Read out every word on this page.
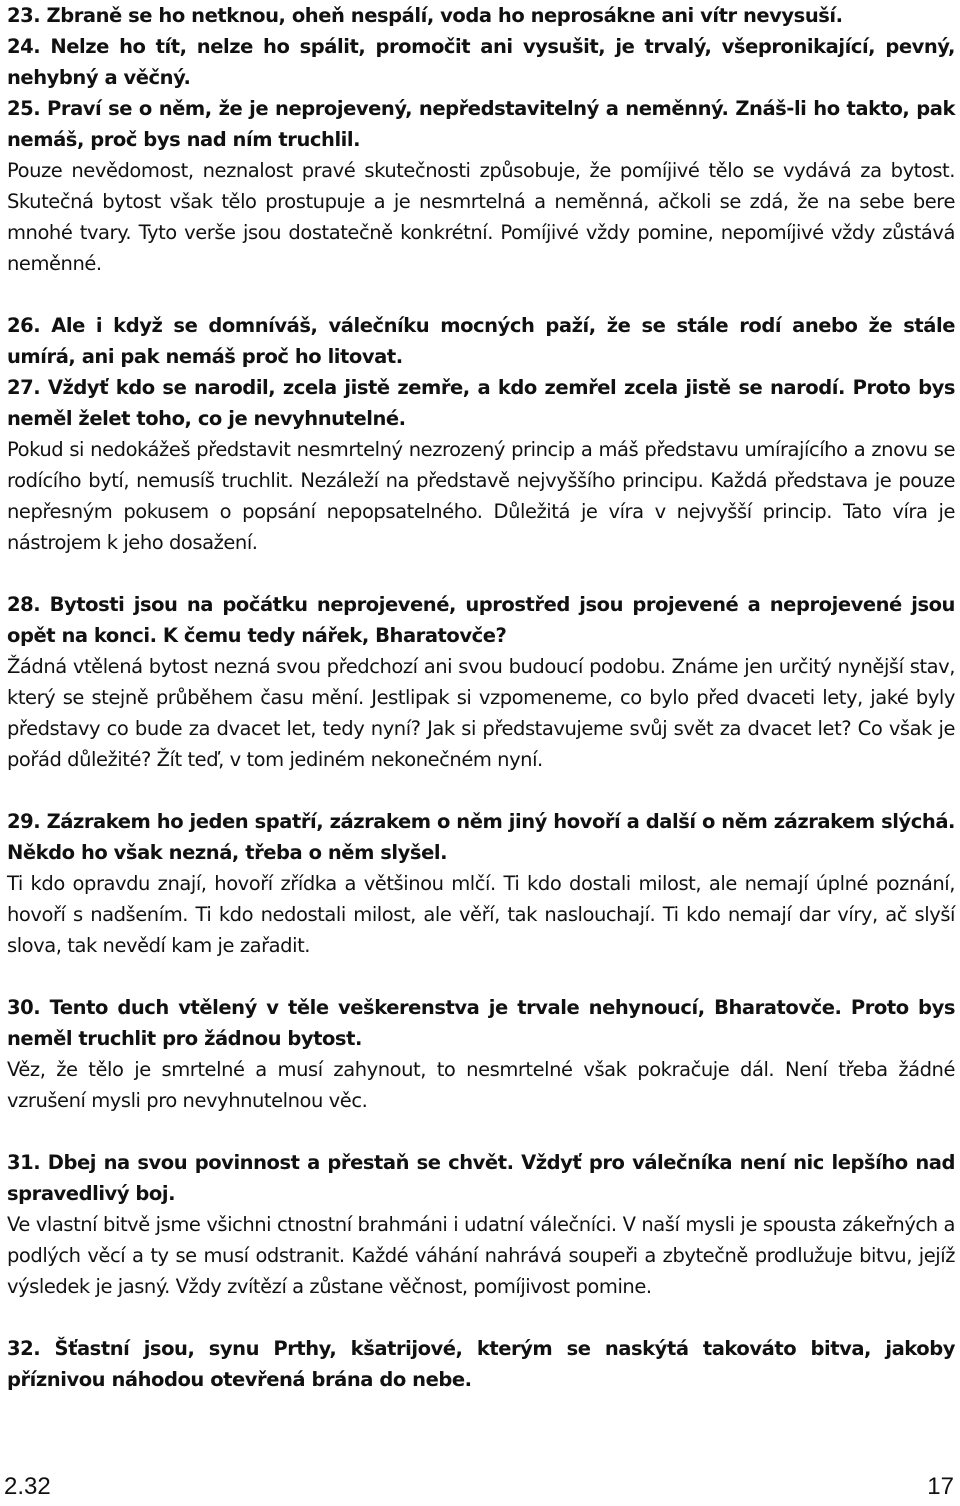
23. Zbraně se ho netknou, oheň nespálí, voda ho neprosákne ani vítr nevysuší.

24. Nelze ho tít, nelze ho spálit, promočit ani vysušit, je trvalý, všepronikající, pevný, nehybný a věčný.

25. Praví se o něm, že je neprojevený, nepředstavitelný a neměnný. Znáš-li ho takto, pak nemáš, proč bys nad ním truchlil.

Pouze nevědomost, neznalost pravé skutečnosti způsobuje, že pomíjivé tělo se vydává za bytost. Skutečná bytost však tělo prostupuje a je nesmrtelná a neměnná, ačkoli se zdá, že na sebe bere mnohé tvary. Tyto verše jsou dostatečně konkrétní. Pomíjivé vždy pomine, nepomíjivé vždy zůstává neměnné.

26. Ale i když se domníváš, válečníku mocných paží, že se stále rodí anebo že stále umírá, ani pak nemáš proč ho litovat.

27. Vždyť kdo se narodil, zcela jistě zemře, a kdo zemřel zcela jistě se narodí. Proto bys neměl želet toho, co je nevyhnutelné.

Pokud si nedokážeš představit nesmrtelný nezrozený princip a máš představu umírajícího a znovu se rodícího bytí, nemusíš truchlit. Nezáleží na představě nejvyššího principu. Každá představa je pouze nepřesným pokusem o popsání nepopsatelného. Důležitá je víra v nejvyšší princip. Tato víra je nástrojem k jeho dosažení.

28. Bytosti jsou na počátku neprojevené, uprostřed jsou projevené a neprojevené jsou opět na konci. K čemu tedy nářek, Bharatovče?

Žádná vtělená bytost nezná svou předchozí ani svou budoucí podobu. Známe jen určitý nynější stav, který se stejně průběhem času mění. Jestlipak si vzpomeneme, co bylo před dvaceti lety, jaké byly představy co bude za dvacet let, tedy nyní? Jak si představujeme svůj svět za dvacet let? Co však je pořád důležité? Žít teď, v tom jediném nekonečném nyní.

29. Zázrakem ho jeden spatří, zázrakem o něm jiný hovoří a další o něm zázrakem slýchá. Někdo ho však nezná, třeba o něm slyšel.

Ti kdo opravdu znají, hovoří zřídka a většinou mlčí. Ti kdo dostali milost, ale nemají úplné poznání, hovoří s nadšením. Ti kdo nedostali milost, ale věří, tak naslouchají. Ti kdo nemají dar víry, ač slyší slova, tak nevědí kam je zařadit.

30. Tento duch vtělený v těle veškerenstva je trvale nehynoucí, Bharatovče. Proto bys neměl truchlit pro žádnou bytost.

Věz, že tělo je smrtelné a musí zahynout, to nesmrtelné však pokračuje dál. Není třeba žádné vzrušení mysli pro nevyhnutelnou věc.

31. Dbej na svou povinnost a přestaň se chvět. Vždyť pro válečníka není nic lepšího nad spravedlivý boj.

Ve vlastní bitvě jsme všichni ctnostní brahmáni i udatní válečníci. V naší mysli je spousta zákeřných a podlých věcí a ty se musí odstranit. Každé váhání nahrává soupeři a zbytečně prodlužuje bitvu, jejíž výsledek je jasný. Vždy zvítězí a zůstane věčnost, pomíjivost pomine.

32. Šťastní jsou, synu Prthy, kšatrijové, kterým se naskýtá takováto bitva, jakoby příznivou náhodou otevřená brána do nebe.

2.32	17
